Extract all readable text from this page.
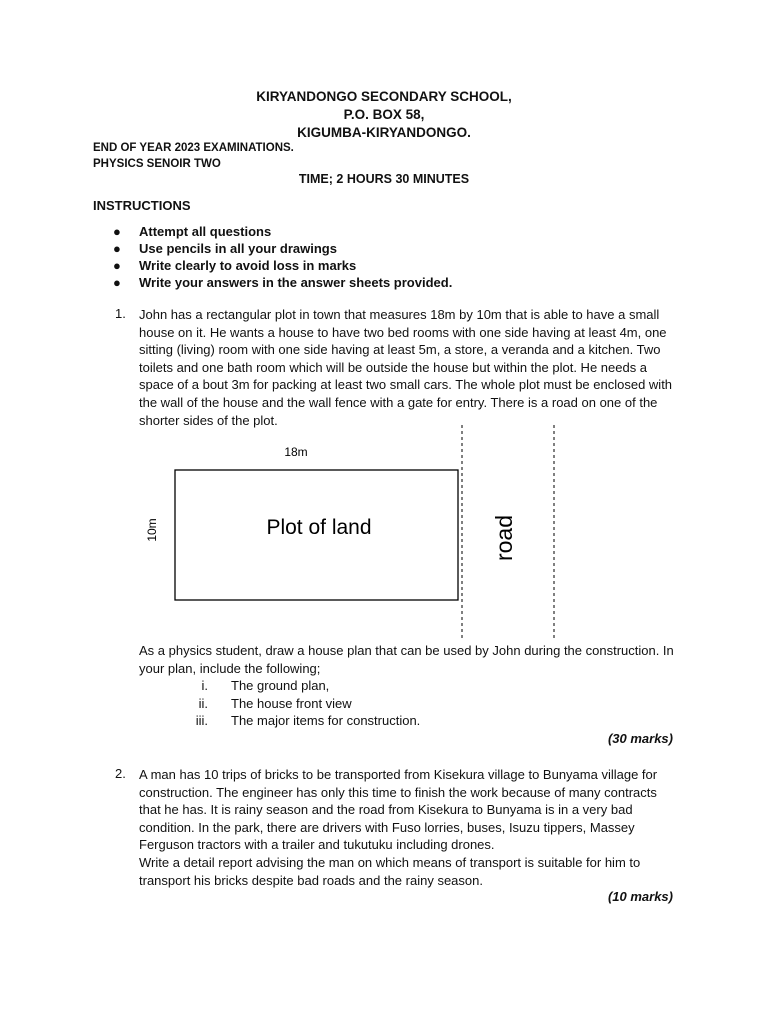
KIRYANDONGO SECONDARY SCHOOL,
P.O. BOX 58,
KIGUMBA-KIRYANDONGO.
END OF YEAR 2023 EXAMINATIONS.
PHYSICS SENOIR TWO
TIME; 2 HOURS 30 MINUTES
INSTRUCTIONS
● Attempt all questions
● Use pencils in all your drawings
● Write clearly to avoid loss in marks
● Write your answers in the answer sheets provided.
1. John has a rectangular plot in town that measures 18m by 10m that is able to have a small
house on it. He wants a house to have two bed rooms with one side having at least 4m, one
sitting (living) room with one side having at least 5m, a store, a veranda and a kitchen. Two
toilets and one bath room which will be outside the house but within the plot. He needs a
space of a bout 3m for packing at least two small cars. The whole plot must be enclosed with
the wall of the house and the wall fence with a gate for entry. There is a road on one of the
shorter sides of the plot.
18m
10m	Plot of land	road
As a physics student, draw a house plan that can be used by John during the construction. In
your plan, include the following;
i. The ground plan,
ii. The house front view
iii. The major items for construction.
(30 marks)
2. A man has 10 trips of bricks to be transported from Kisekura village to Bunyama village for
construction. The engineer has only this time to finish the work because of many contracts
that he has. It is rainy season and the road from Kisekura to Bunyama is in a very bad
condition. In the park, there are drivers with Fuso lorries, buses, Isuzu tippers, Massey
Ferguson tractors with a trailer and tukutuku including drones.
Write a detail report advising the man on which means of transport is suitable for him to
transport his bricks despite bad roads and the rainy season.
(10 marks)
